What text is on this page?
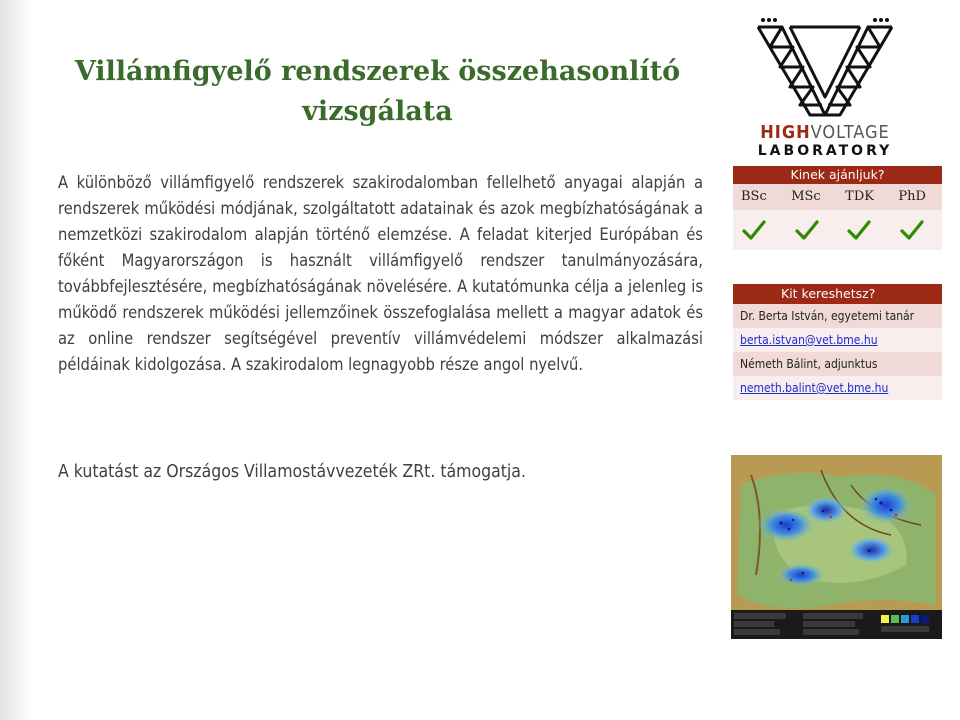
Villámfigyelő rendszerek összehasonlító vizsgálata
A különböző villámfigyelő rendszerek szakirodalomban fellelhető anyagai alapján a rendszerek működési módjának, szolgáltatott adatainak és azok megbízhatóságának a nemzetközi szakirodalom alapján történő elemzése. A feladat kiterjed Európában és főként Magyarországon is használt villámfigyelő rendszer tanulmányozására, továbbfejlesztésére, megbízhatóságának növelésére. A kutatómunka célja a jelenleg is működő rendszerek működési jellemzőinek összefoglalása mellett a magyar adatok és az online rendszer segítségével preventív villámvédelemi módszer alkalmazási példáinak kidolgozása. A szakirodalom legnagyobb része angol nyelvű.
A kutatást az Országos Villamostávvezeték ZRt. támogatja.
HIGHVOLTAGE
LABORATORY
Kinek ajánljuk?
BSc MSc TDK PhD
Kit kereshetsz?
Dr. Berta István, egyetemi tanár
berta.istvan@vet.bme.hu
Németh Bálint, adjunktus
nemeth.balint@vet.bme.hu
